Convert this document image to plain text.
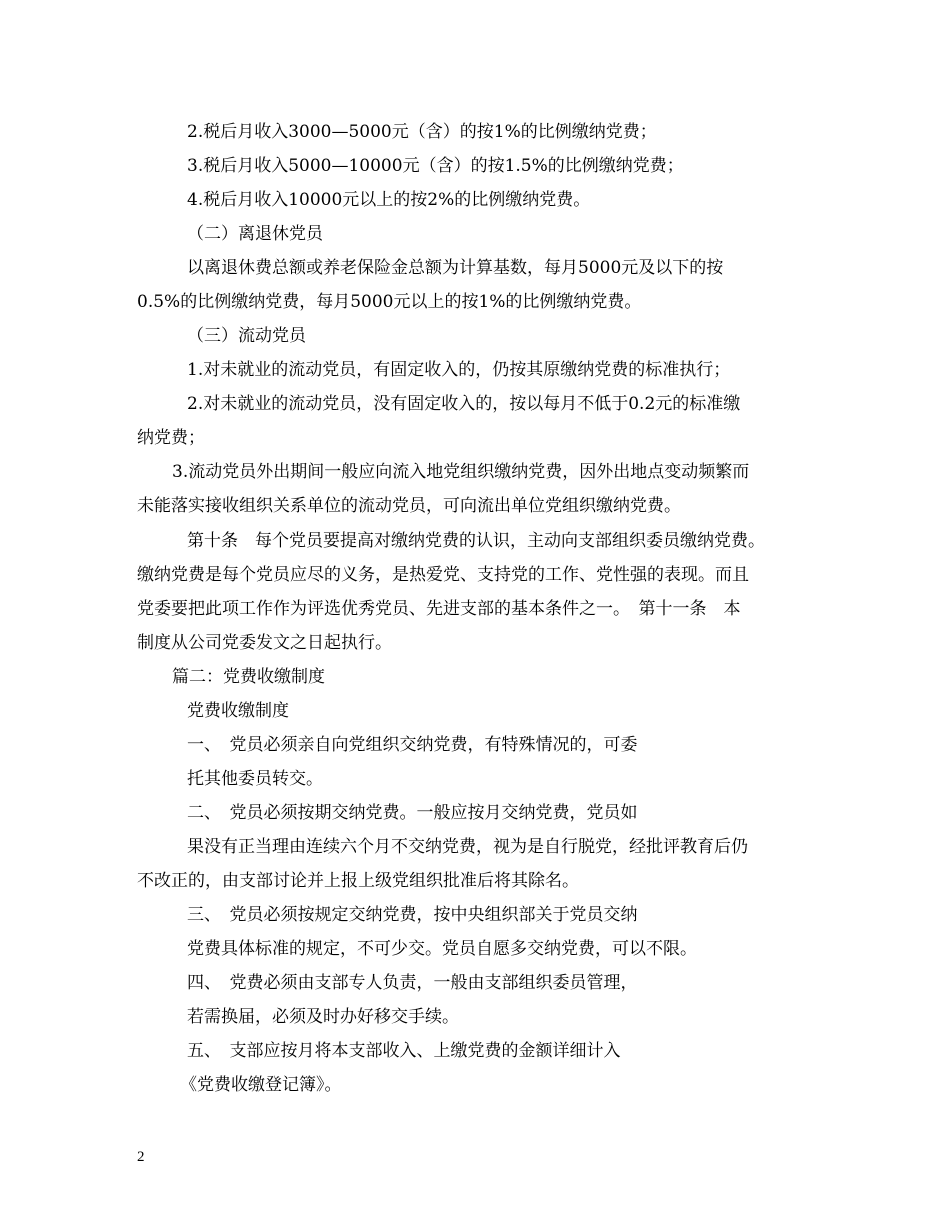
2.税后月收入3000—5000元（含）的按1%的比例缴纳党费；
3.税后月收入5000—10000元（含）的按1.5%的比例缴纳党费；
4.税后月收入10000元以上的按2%的比例缴纳党费。
（二）离退休党员
以离退休费总额或养老保险金总额为计算基数，每月5000元及以下的按
0.5%的比例缴纳党费，每月5000元以上的按1%的比例缴纳党费。
（三）流动党员
1.对未就业的流动党员，有固定收入的，仍按其原缴纳党费的标准执行；
2.对未就业的流动党员，没有固定收入的，按以每月不低于0.2元的标准缴
纳党费；
3.流动党员外出期间一般应向流入地党组织缴纳党费，因外出地点变动频繁而
未能落实接收组织关系单位的流动党员，可向流出单位党组织缴纳党费。
第十条　每个党员要提高对缴纳党费的认识，主动向支部组织委员缴纳党费。
缴纳党费是每个党员应尽的义务，是热爱党、支持党的工作、党性强的表现。而且
党委要把此项工作作为评选优秀党员、先进支部的基本条件之一。　第十一条　本
制度从公司党委发文之日起执行。
篇二：党费收缴制度
党费收缴制度
一、　党员必须亲自向党组织交纳党费，有特殊情况的，可委
托其他委员转交。
二、　党员必须按期交纳党费。一般应按月交纳党费，党员如
果没有正当理由连续六个月不交纳党费，视为是自行脱党，经批评教育后仍
不改正的，由支部讨论并上报上级党组织批准后将其除名。
三、　党员必须按规定交纳党费，按中央组织部关于党员交纳
党费具体标准的规定，不可少交。党员自愿多交纳党费，可以不限。
四、　党费必须由支部专人负责，一般由支部组织委员管理，
若需换届，必须及时办好移交手续。
五、　支部应按月将本支部收入、上缴党费的金额详细计入
《党费收缴登记簿》。
2
